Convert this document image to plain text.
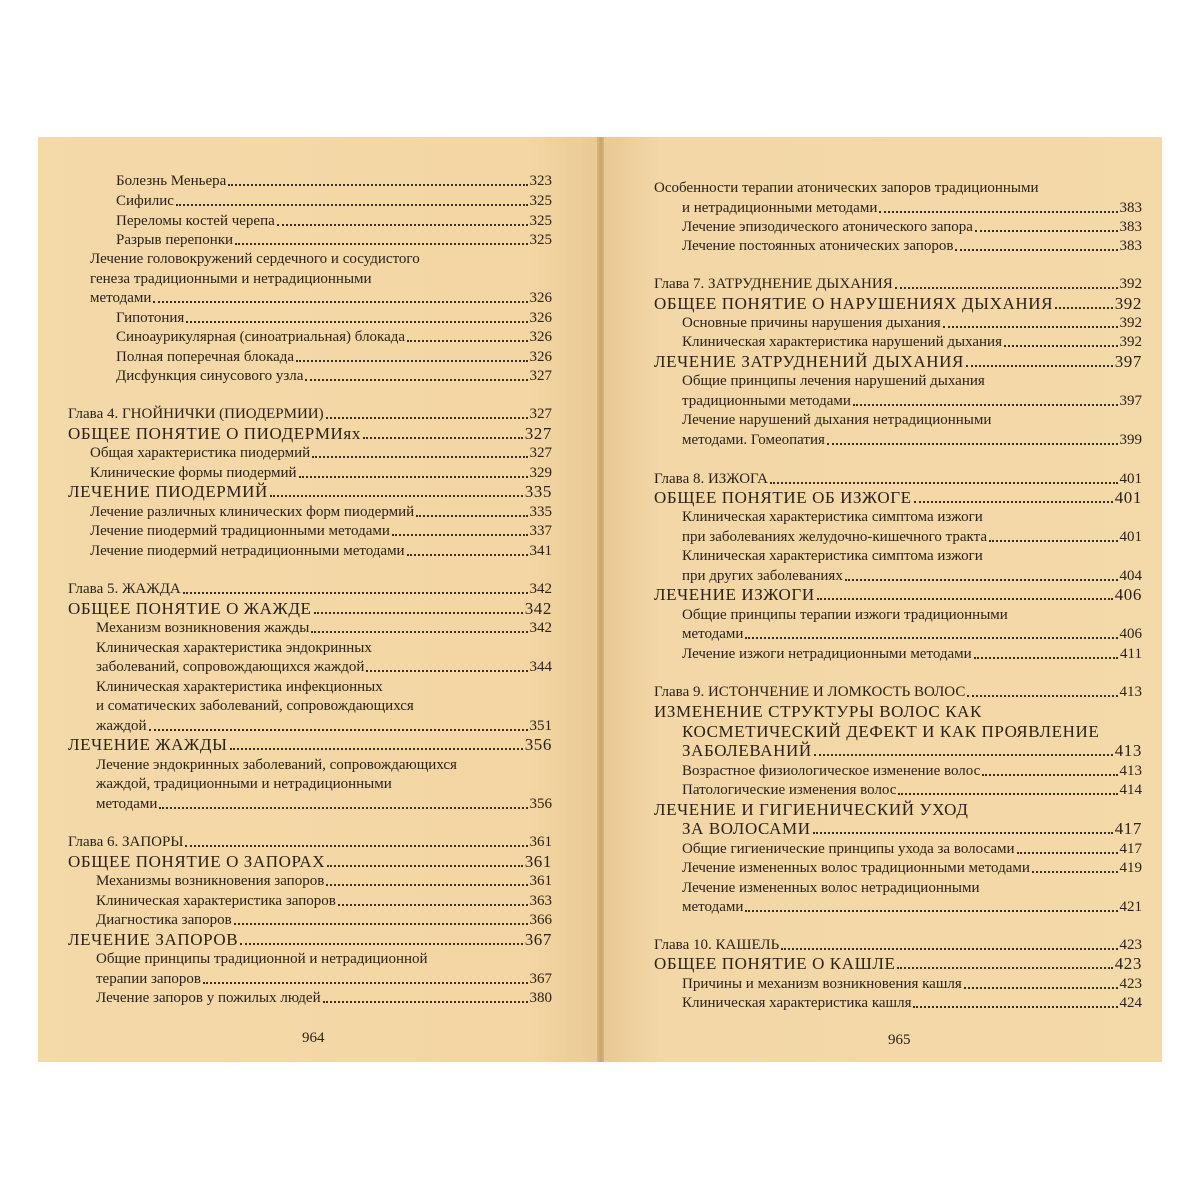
Болезнь Меньера	323
Сифилис	325
Переломы костей черепа	325
Разрыв перепонки	325
Лечение головокружений сердечного и сосудистого
генеза традиционными и нетрадиционными
методами	326
Гипотония	326
Синоаурикулярная (синоатриальная) блокада	326
Полная поперечная блокада	326
Дисфункция синусового узла	327
Глава 4. ГНОЙНИЧКИ (ПИОДЕРМИИ)	327
ОБЩЕЕ ПОНЯТИЕ О ПИОДЕРМИях	327
Общая характеристика пиодермий	327
Клинические формы пиодермий	329
ЛЕЧЕНИЕ ПИОДЕРМИЙ	335
Лечение различных клинических форм пиодермий	335
Лечение пиодермий традиционными методами	337
Лечение пиодермий нетрадиционными методами	341
Глава 5. ЖАЖДА	342
ОБЩЕЕ ПОНЯТИЕ О ЖАЖДЕ	342
Механизм возникновения жажды	342
Клиническая характеристика эндокринных
заболеваний, сопровождающихся жаждой	344
Клиническая характеристика инфекционных
и соматических заболеваний, сопровождающихся
жаждой	351
ЛЕЧЕНИЕ ЖАЖДЫ	356
Лечение эндокринных заболеваний, сопровождающихся
жаждой, традиционными и нетрадиционными
методами	356
Глава 6. ЗАПОРЫ	361
ОБЩЕЕ ПОНЯТИЕ О ЗАПОРАХ	361
Механизмы возникновения запоров	361
Клиническая характеристика запоров	363
Диагностика запоров	366
ЛЕЧЕНИЕ ЗАПОРОВ	367
Общие принципы традиционной и нетрадиционной
терапии запоров	367
Лечение запоров у пожилых людей	380
964
Особенности терапии атонических запоров традиционными
и нетрадиционными методами	383
Лечение эпизодического атонического запора	383
Лечение постоянных атонических запоров	383
Глава 7. ЗАТРУДНЕНИЕ ДЫХАНИЯ	392
ОБЩЕЕ ПОНЯТИЕ О НАРУШЕНИЯХ ДЫХАНИЯ	392
Основные причины нарушения дыхания	392
Клиническая характеристика нарушений дыхания	392
ЛЕЧЕНИЕ ЗАТРУДНЕНИЙ ДЫХАНИЯ	397
Общие принципы лечения нарушений дыхания
традиционными методами	397
Лечение нарушений дыхания нетрадиционными
методами. Гомеопатия	399
Глава 8. ИЗЖОГА	401
ОБЩЕЕ ПОНЯТИЕ ОБ ИЗЖОГЕ	401
Клиническая характеристика симптома изжоги
при заболеваниях желудочно-кишечного тракта	401
Клиническая характеристика симптома изжоги
при других заболеваниях	404
ЛЕЧЕНИЕ ИЗЖОГИ	406
Общие принципы терапии изжоги традиционными
методами	406
Лечение изжоги нетрадиционными методами	411
Глава 9. ИСТОНЧЕНИЕ И ЛОМКОСТЬ ВОЛОС	413
ИЗМЕНЕНИЕ СТРУКТУРЫ ВОЛОС КАК
КОСМЕТИЧЕСКИЙ ДЕФЕКТ И КАК ПРОЯВЛЕНИЕ
ЗАБОЛЕВАНИЙ	413
Возрастное физиологическое изменение волос	413
Патологические изменения волос	414
ЛЕЧЕНИЕ И ГИГИЕНИЧЕСКИЙ УХОД
ЗА ВОЛОСАМИ	417
Общие гигиенические принципы ухода за волосами	417
Лечение измененных волос традиционными методами	419
Лечение измененных волос нетрадиционными
методами	421
Глава 10. КАШЕЛЬ	423
ОБЩЕЕ ПОНЯТИЕ О КАШЛЕ	423
Причины и механизм возникновения кашля	423
Клиническая характеристика кашля	424
965
